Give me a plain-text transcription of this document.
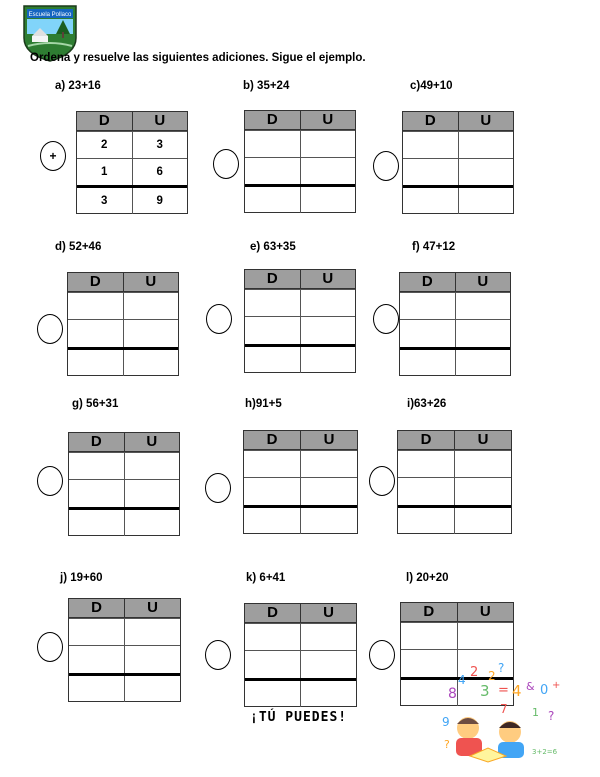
Escuela Pollaco
Ordena y resuelve las siguientes adiciones. Sigue el ejemplo.
a) 23+16
+
D	U
2	3
1	6
3	9
b) 35+24
D	U
c)49+10
D	U
d) 52+46
D	U
e) 63+35
D	U
f) 47+12
D	U
g) 56+31
D	U
h)91+5
D	U
i)63+26
D	U
j) 19+60
D	U
k) 6+41
D	U
l) 20+20
D	U
¡TÚ PUEDES!
8
4 2 2
?
3 = 4 & 0 +
1 ?
9
?
7
3+2=6
